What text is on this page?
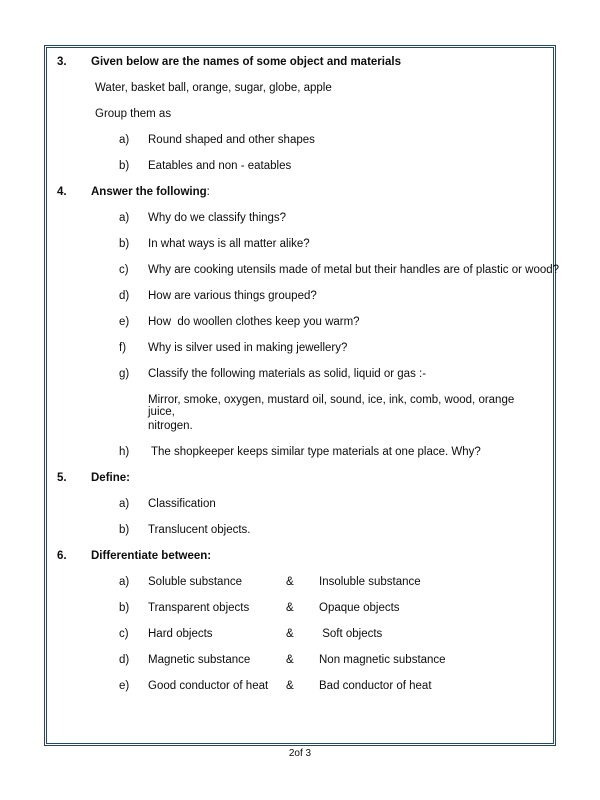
3.	Given below are the names of some object and materials
Water, basket ball, orange, sugar, globe, apple
Group them as
a)	Round shaped and other shapes
b)	Eatables and non - eatables
4.	Answer the following:
a)	Why do we classify things?
b)	In what ways is all matter alike?
c)	Why are cooking utensils made of metal but their handles are of plastic or wood?
d)	How are various things grouped?
e)	How  do woollen clothes keep you warm?
f)	Why is silver used in making jewellery?
g)	Classify the following materials as solid, liquid or gas :-
Mirror, smoke, oxygen, mustard oil, sound, ice, ink, comb, wood, orange juice,
nitrogen.
h)	The shopkeeper keeps similar type materials at one place. Why?
5.	Define:
a)	Classification
b)	Translucent objects.
6.	Differentiate between:
a)	Soluble substance	&	Insoluble substance
b)	Transparent objects	&	Opaque objects
c)	Hard objects	&	Soft objects
d)	Magnetic substance	&	Non magnetic substance
e)	Good conductor of heat	&	Bad conductor of heat
2of 3
